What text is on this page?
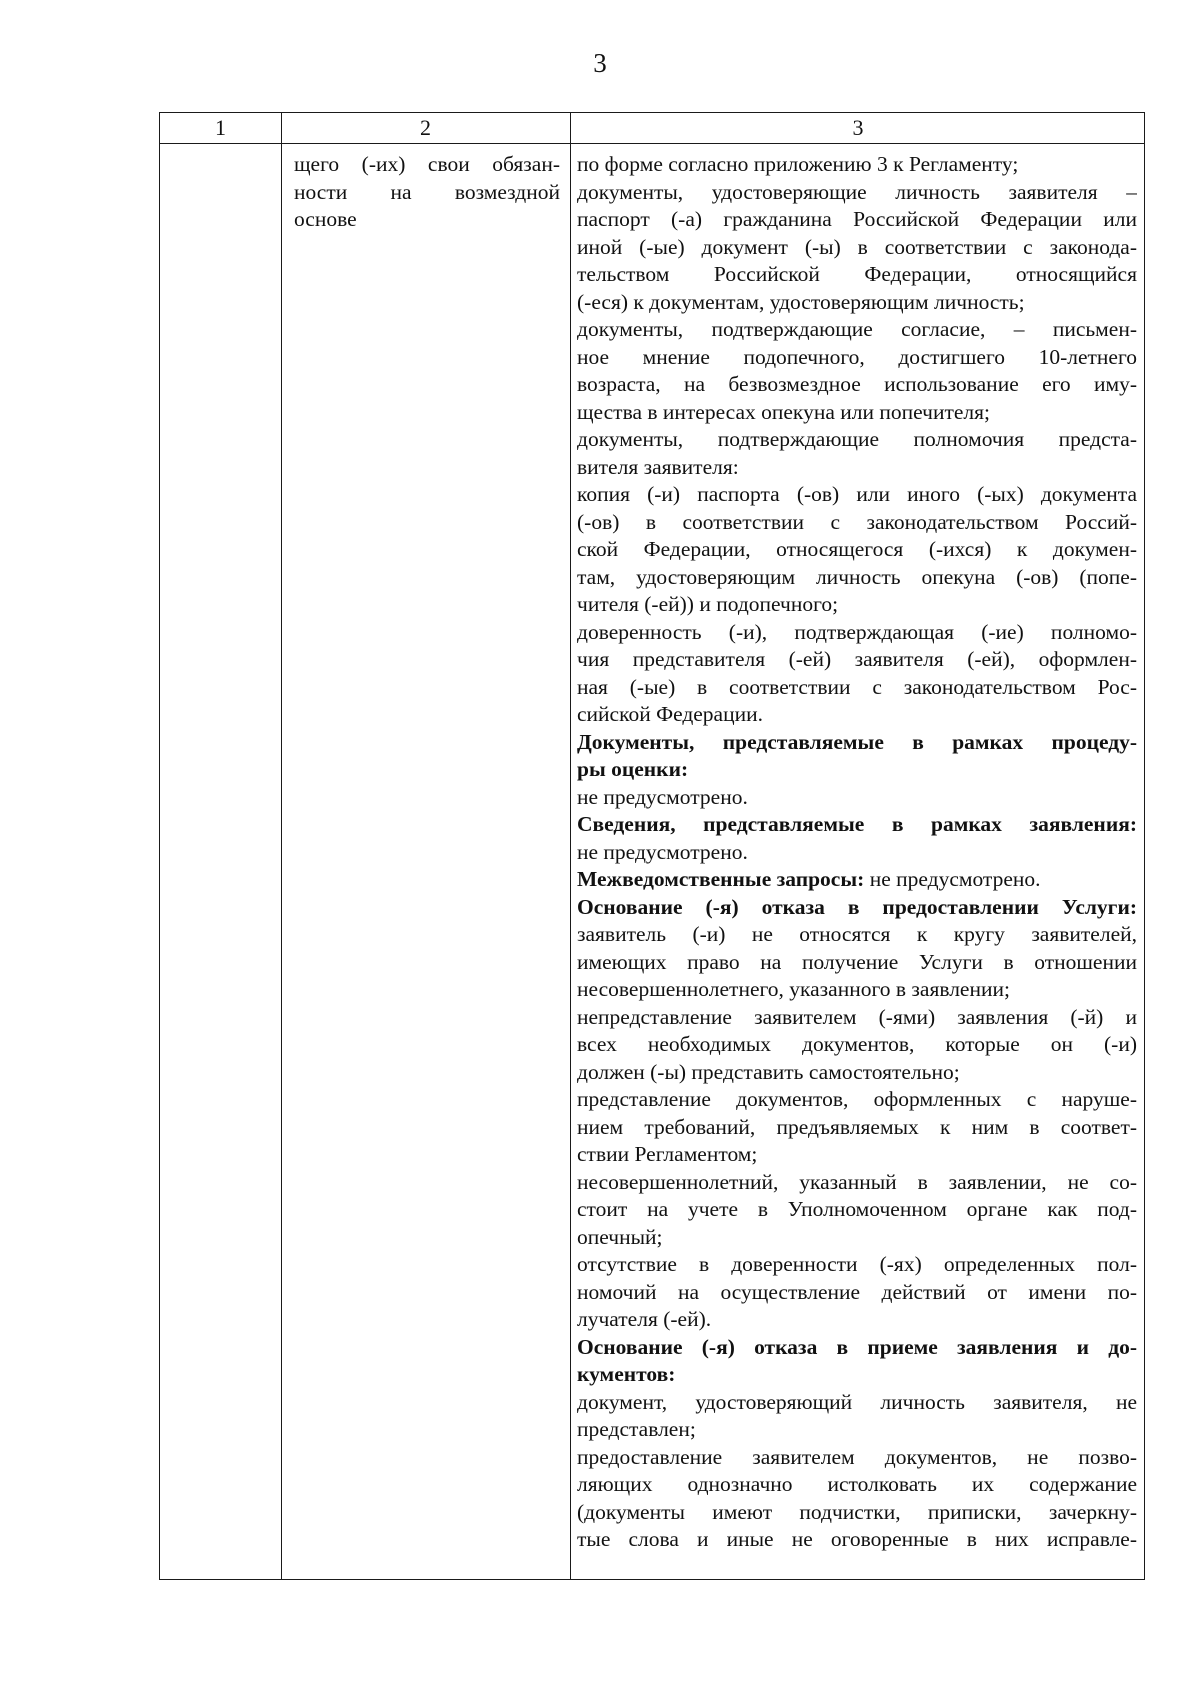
3
1	2	3
щего (-их) свои обязан-
ности на возмездной
основе
по форме согласно приложению 3 к Регламенту;
документы, удостоверяющие личность заявителя –
паспорт (-а) гражданина Российской Федерации или
иной (-ые) документ (-ы) в соответствии с законода-
тельством Российской Федерации, относящийся
(-еся) к документам, удостоверяющим личность;
документы, подтверждающие согласие, – письмен-
ное мнение подопечного, достигшего 10-летнего
возраста, на безвозмездное использование его иму-
щества в интересах опекуна или попечителя;
документы, подтверждающие полномочия предста-
вителя заявителя:
копия (-и) паспорта (-ов) или иного (-ых) документа
(-ов) в соответствии с законодательством Россий-
ской Федерации, относящегося (-ихся) к докумен-
там, удостоверяющим личность опекуна (-ов) (попе-
чителя (-ей)) и подопечного;
доверенность (-и), подтверждающая (-ие) полномо-
чия представителя (-ей) заявителя (-ей), оформлен-
ная (-ые) в соответствии с законодательством Рос-
сийской Федерации.
Документы, представляемые в рамках процеду-
ры оценки:
не предусмотрено.
Сведения, представляемые в рамках заявления:
не предусмотрено.
Межведомственные запросы: не предусмотрено.
Основание (-я) отказа в предоставлении Услуги:
заявитель (-и) не относятся к кругу заявителей,
имеющих право на получение Услуги в отношении
несовершеннолетнего, указанного в заявлении;
непредставление заявителем (-ями) заявления (-й) и
всех необходимых документов, которые он (-и)
должен (-ы) представить самостоятельно;
представление документов, оформленных с наруше-
нием требований, предъявляемых к ним в соответ-
ствии Регламентом;
несовершеннолетний, указанный в заявлении, не со-
стоит на учете в Уполномоченном органе как под-
опечный;
отсутствие в доверенности (-ях) определенных пол-
номочий на осуществление действий от имени по-
лучателя (-ей).
Основание (-я) отказа в приеме заявления и до-
кументов:
документ, удостоверяющий личность заявителя, не
представлен;
предоставление заявителем документов, не позво-
ляющих однозначно истолковать их содержание
(документы имеют подчистки, приписки, зачеркну-
тые слова и иные не оговоренные в них исправле-
